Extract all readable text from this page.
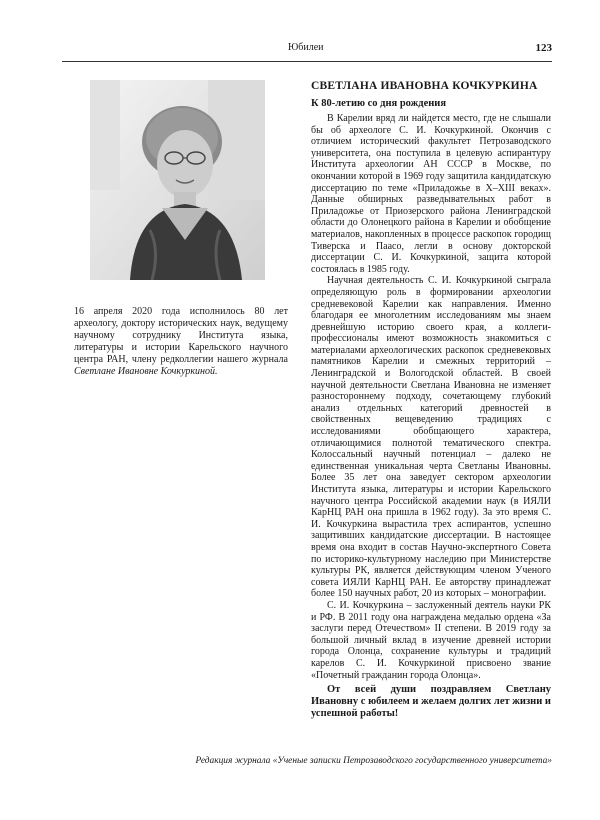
Юбилеи	123

16 апреля 2020 года исполнилось 80 лет археологу, доктору исторических наук, ведущему научному сотруднику Института языка, литературы и истории Карельского научного центра РАН, члену редколлегии нашего журнала Светлане Ивановне Кочкуркиной.

СВЕТЛАНА ИВАНОВНА КОЧКУРКИНА
К 80-летию со дня рождения

В Карелии вряд ли найдется место, где не слышали бы об археологе С. И. Кочкуркиной. Окончив с отличием исторический факультет Петрозаводского университета, она поступила в целевую аспирантуру Института археологии АН СССР в Москве, по окончании которой в 1969 году защитила кандидатскую диссертацию по теме «Приладожье в X–XIII веках». Данные обширных разведывательных работ в Приладожье от Приозерского района Ленинградской области до Олонецкого района в Карелии и обобщение материалов, накопленных в процессе раскопок городищ Тиверска и Паасо, легли в основу докторской диссертации С. И. Кочкуркиной, защита которой состоялась в 1985 году.

Научная деятельность С. И. Кочкуркиной сыграла определяющую роль в формировании археологии средневековой Карелии как направления. Именно благодаря ее многолетним исследованиям мы знаем древнейшую историю своего края, а коллеги-профессионалы имеют возможность знакомиться с материалами археологических раскопок средневековых памятников Карелии и смежных территорий – Ленинградской и Вологодской областей. В своей научной деятельности Светлана Ивановна не изменяет разностороннему подходу, сочетающему глубокий анализ отдельных категорий древностей в свойственных вещеведению традициях с исследованиями обобщающего характера, отличающимися полнотой тематического спектра. Колоссальный научный потенциал – далеко не единственная уникальная черта Светланы Ивановны. Более 35 лет она заведует сектором археологии Института языка, литературы и истории Карельского научного центра Российской академии наук (в ИЯЛИ КарНЦ РАН она пришла в 1962 году). За это время С. И. Кочкуркина вырастила трех аспирантов, успешно защитивших кандидатские диссертации. В настоящее время она входит в состав Научно-экспертного Совета по историко-культурному наследию при Министерстве культуры РК, является действующим членом Ученого совета ИЯЛИ КарНЦ РАН. Ее авторству принадлежат более 150 научных работ, 20 из которых – монографии.

С. И. Кочкуркина – заслуженный деятель науки РК и РФ. В 2011 году она награждена медалью ордена «За заслуги перед Отечеством» II степени. В 2019 году за большой личный вклад в изучение древней истории города Олонца, сохранение культуры и традиций карелов С. И. Кочкуркиной присвоено звание «Почетный гражданин города Олонца».

От всей души поздравляем Светлану Ивановну с юбилеем и желаем долгих лет жизни и успешной работы!

Редакция журнала «Ученые записки Петрозаводского государственного университета»
